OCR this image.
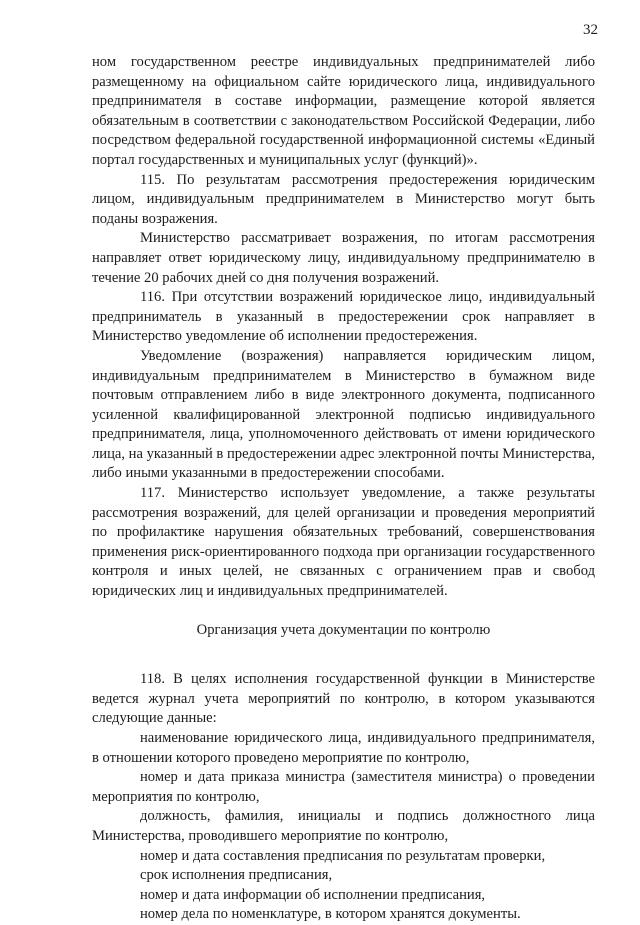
32

ном государственном реестре индивидуальных предпринимателей либо размещенному на официальном сайте юридического лица, индивидуального предпринимателя в составе информации, размещение которой является обязательным в соответствии с законодательством Российской Федерации, либо посредством федеральной государственной информационной системы «Единый портал государственных и муниципальных услуг (функций)».

115. По результатам рассмотрения предостережения юридическим лицом, индивидуальным предпринимателем в Министерство могут быть поданы возражения.

Министерство рассматривает возражения, по итогам рассмотрения направляет ответ юридическому лицу, индивидуальному предпринимателю в течение 20 рабочих дней со дня получения возражений.

116. При отсутствии возражений юридическое лицо, индивидуальный предприниматель в указанный в предостережении срок направляет в Министерство уведомление об исполнении предостережения.

Уведомление (возражения) направляется юридическим лицом, индивидуальным предпринимателем в Министерство в бумажном виде почтовым отправлением либо в виде электронного документа, подписанного усиленной квалифицированной электронной подписью индивидуального предпринимателя, лица, уполномоченного действовать от имени юридического лица, на указанный в предостережении адрес электронной почты Министерства, либо иными указанными в предостережении способами.

117. Министерство использует уведомление, а также результаты рассмотрения возражений, для целей организации и проведения мероприятий по профилактике нарушения обязательных требований, совершенствования применения риск-ориентированного подхода при организации государственного контроля и иных целей, не связанных с ограничением прав и свобод юридических лиц и индивидуальных предпринимателей.

Организация учета документации по контролю

118. В целях исполнения государственной функции в Министерстве ведется журнал учета мероприятий по контролю, в котором указываются следующие данные:

наименование юридического лица, индивидуального предпринимателя, в отношении которого проведено мероприятие по контролю,

номер и дата приказа министра (заместителя министра) о проведении мероприятия по контролю,

должность, фамилия, инициалы и подпись должностного лица Министерства, проводившего мероприятие по контролю,

номер и дата составления предписания по результатам проверки,

срок исполнения предписания,

номер и дата информации об исполнении предписания,

номер дела по номенклатуре, в котором хранятся документы.
